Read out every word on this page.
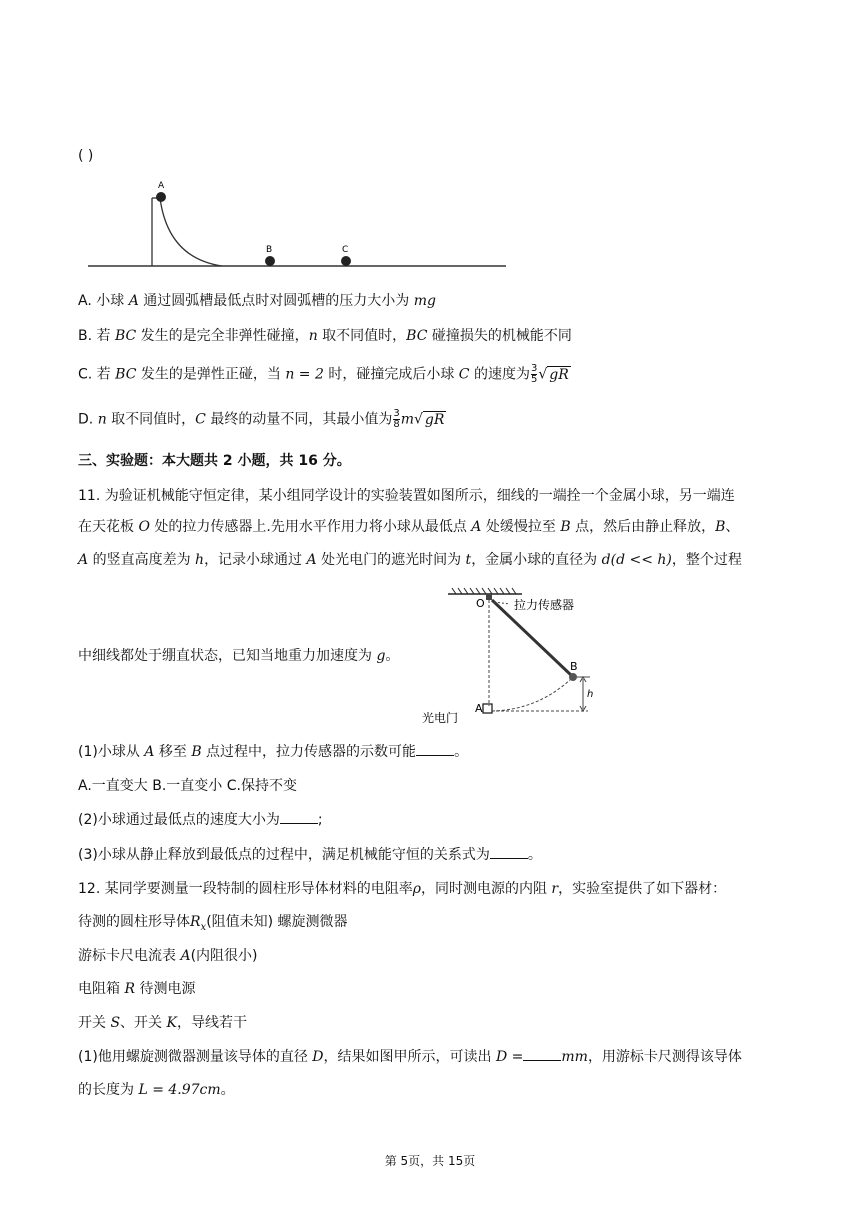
( )
A
B	C
A. 小球 A 通过圆弧槽最低点时对圆弧槽的压力大小为 mg
B. 若 BC 发生的是完全非弹性碰撞，n 取不同值时，BC 碰撞损失的机械能不同
C. 若 BC 发生的是弹性正碰，当 n = 2 时，碰撞完成后小球 C 的速度为 $\frac{3}{5}$ √ gR
D. n 取不同值时，C 最终的动量不同，其最小值为 $\frac{3}{8} m√$ gR
三、实验题：本大题共 2 小题，共 16 分。
11. 为验证机械能守恒定律，某小组同学设计的实验装置如图所示，细线的一端拴一个金属小球，另一端连
在天花板 O 处的拉力传感器上.先用水平作用力将小球从最低点 A 处缓慢拉至 B 点，然后由静止释放，B、
A 的竖直高度差为 h，记录小球通过 A 处光电门的遮光时间为 t，金属小球的直径为 d(d << h)，整个过程
中细线都处于绷直状态，已知当地重力加速度为 g。
O 拉力传感器
B
h
A
光电门
(1)小球从 A 移至 B 点过程中，拉力传感器的示数可能	。
A.一直变大 B.一直变小 C.保持不变
(2)小球通过最低点的速度大小为	;
(3)小球从静止释放到最低点的过程中，满足机械能守恒的关系式为	。
12. 某同学要测量一段特制的圆柱形导体材料的电阻率ρ，同时测电源的内阻 r，实验室提供了如下器材：
待测的圆柱形导体$R_x$(阻值未知) 螺旋测微器
游标卡尺电流表 A(内阻很小)
电阻箱 R 待测电源
开关 S、开关 K，导线若干
(1)他用螺旋测微器测量该导体的直径 D，结果如图甲所示，可读出 D =	mm，用游标卡尺测得该导体
的长度为 L = 4.97cm。
第 5页，共 15页
